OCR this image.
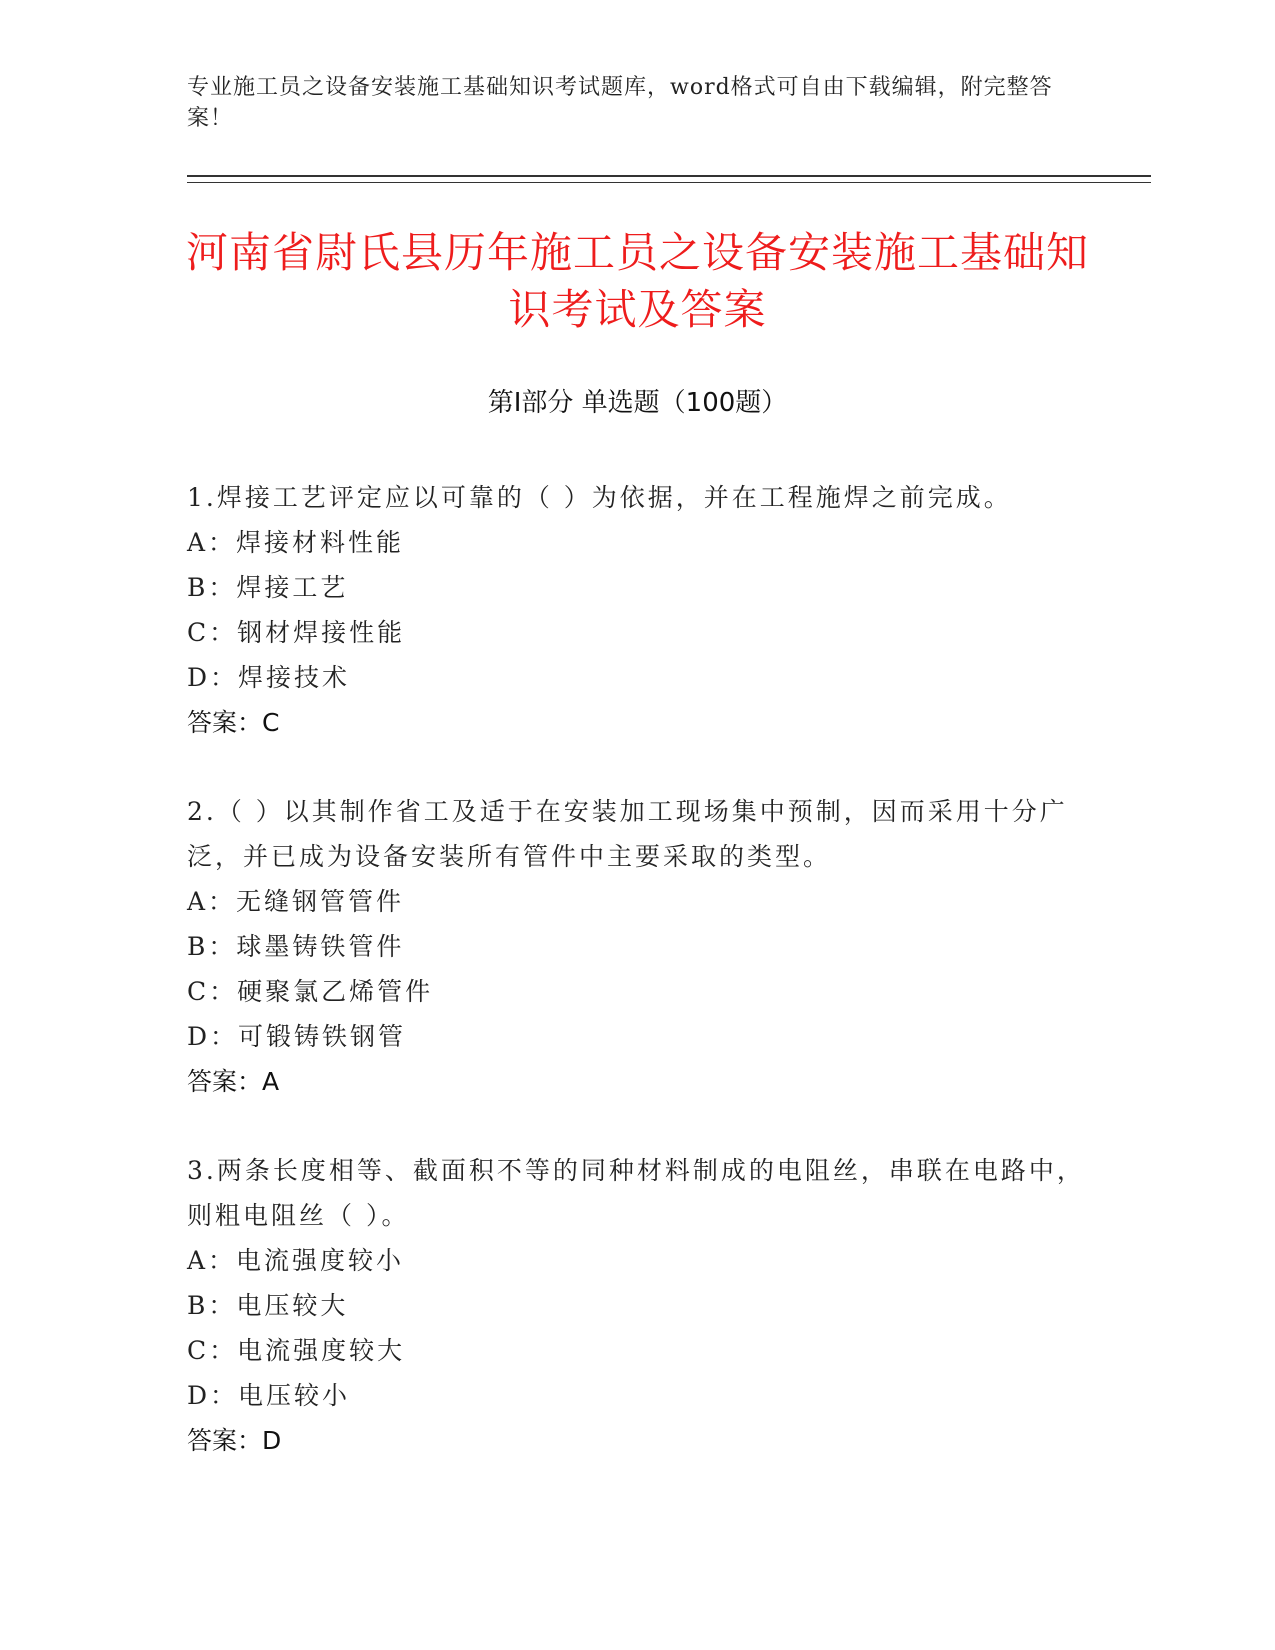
专业施工员之设备安装施工基础知识考试题库，word格式可自由下载编辑，附完整答案！
河南省尉氏县历年施工员之设备安装施工基础知识考试及答案
第Ⅰ部分 单选题（100题）
1.焊接工艺评定应以可靠的（ ）为依据，并在工程施焊之前完成。
A：焊接材料性能
B：焊接工艺
C：钢材焊接性能
D：焊接技术
答案：C
2.（ ）以其制作省工及适于在安装加工现场集中预制，因而采用十分广泛，并已成为设备安装所有管件中主要采取的类型。
A：无缝钢管管件
B：球墨铸铁管件
C：硬聚氯乙烯管件
D：可锻铸铁钢管
答案：A
3.两条长度相等、截面积不等的同种材料制成的电阻丝，串联在电路中，则粗电阻丝（ ）。
A：电流强度较小
B：电压较大
C：电流强度较大
D：电压较小
答案：D
